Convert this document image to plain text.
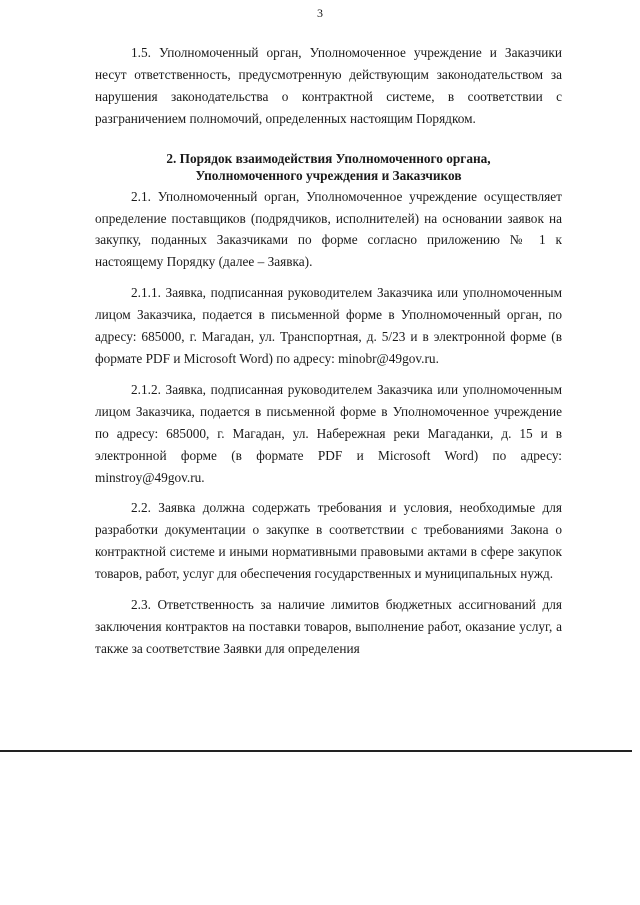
3

1.5. Уполномоченный орган, Уполномоченное учреждение и Заказчики несут ответственность, предусмотренную действующим законодательством за нарушения законодательства о контрактной системе, в соответствии с разграничением полномочий, определенных настоящим Порядком.

2. Порядок взаимодействия Уполномоченного органа,
Уполномоченного учреждения и Заказчиков

2.1. Уполномоченный орган, Уполномоченное учреждение осуществляет определение поставщиков (подрядчиков, исполнителей) на основании заявок на закупку, поданных Заказчиками по форме согласно приложению № 1 к настоящему Порядку (далее – Заявка).

2.1.1. Заявка, подписанная руководителем Заказчика или уполномоченным лицом Заказчика, подается в письменной форме в Уполномоченный орган, по адресу: 685000, г. Магадан, ул. Транспортная, д. 5/23 и в электронной форме (в формате PDF и Microsoft Word) по адресу: minobr@49gov.ru.

2.1.2. Заявка, подписанная руководителем Заказчика или уполномоченным лицом Заказчика, подается в письменной форме в Уполномоченное учреждение по адресу: 685000, г. Магадан, ул. Набережная реки Магаданки, д. 15 и в электронной форме (в формате PDF и Microsoft Word) по адресу: minstroy@49gov.ru.

2.2. Заявка должна содержать требования и условия, необходимые для разработки документации о закупке в соответствии с требованиями Закона о контрактной системе и иными нормативными правовыми актами в сфере закупок товаров, работ, услуг для обеспечения государственных и муниципальных нужд.

2.3. Ответственность за наличие лимитов бюджетных ассигнований для заключения контрактов на поставки товаров, выполнение работ, оказание услуг, а также за соответствие Заявки для определения
